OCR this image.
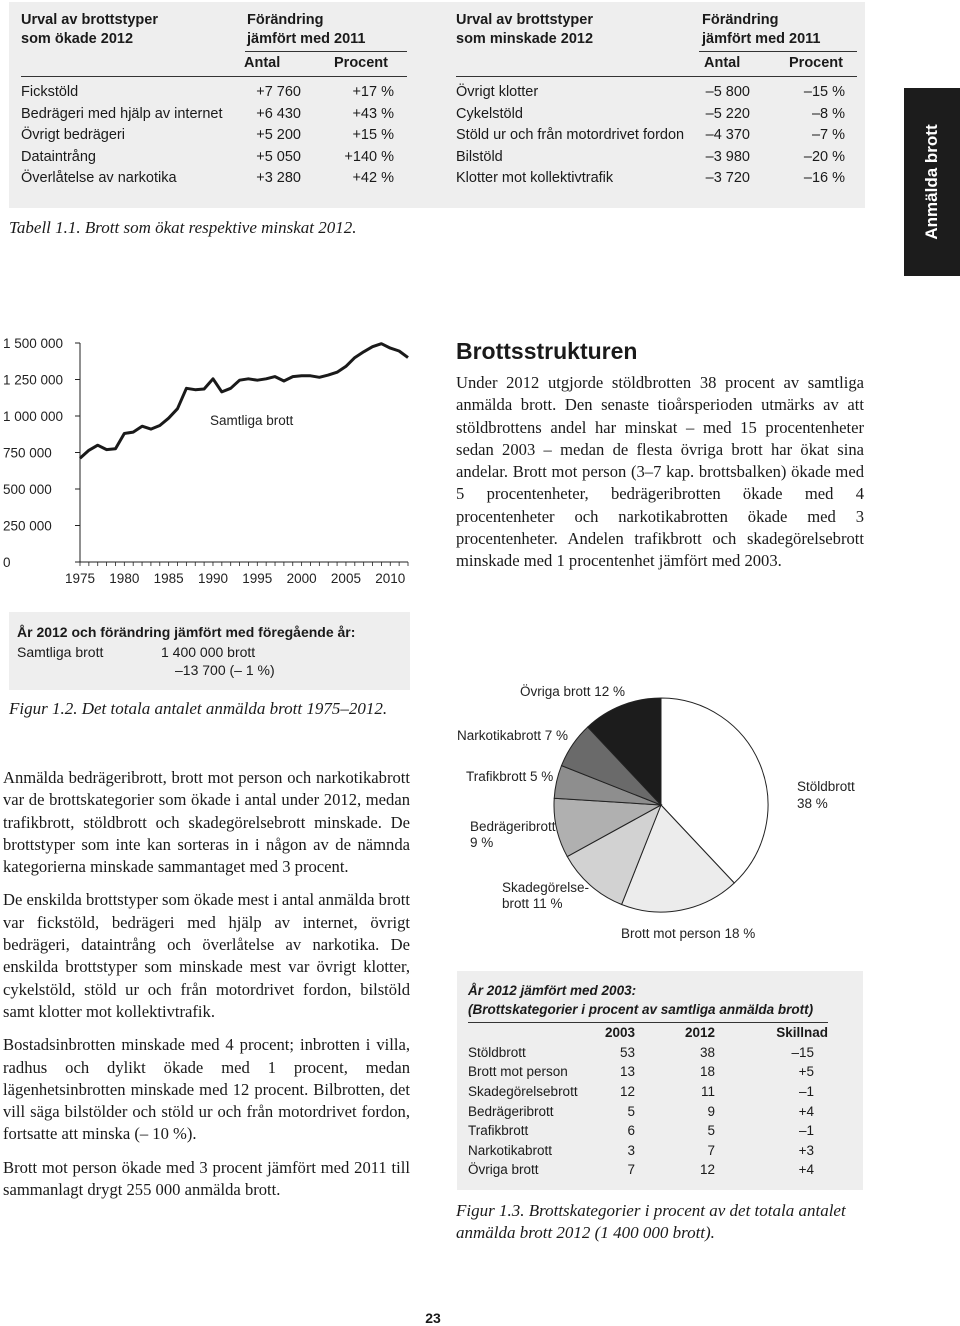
Urval av brottstyper
som ökade 2012
Förändring
jämfört med 2011
Antal	Procent
Urval av brottstyper
som minskade 2012
Förändring
jämfört med 2011
Antal	Procent
Fickstöld	+7 760	+17 %
Bedrägeri med hjälp av internet +6 430	+43 %
Övrigt bedrägeri	+5 200	+15 %
Dataintrång	+5 050	+140 %
Överlåtelse av narkotika	+3 280	+42 %
Övrigt klotter	–5 800	–15 %
Cykelstöld	–5 220	–8 %
Stöld ur och från motordrivet fordon –4 370	–7 %
Bilstöld	–3 980	–20 %
Klotter mot kollektivtrafik	–3 720	–16 %
Tabell 1.1. Brott som ökat respektive minskat 2012.	Anmälda brott
1 500 000
1 250 000
1 000 000
750 000
500 000
250 000
0
1975 1980 1985 1990 1995 2000 2005 2010
Samtliga brott
År 2012 och förändring jämfört med föregående år:
Samtliga brott	1 400 000 brott
–13 700 (– 1 %)
Figur 1.2. Det totala antalet anmälda brott 1975–2012.
Brottsstrukturen
Under 2012 utgjorde stöldbrotten 38 procent av samtliga anmälda brott. Den senaste tioårsperioden utmärks av att stöldbrottens andel har minskat – med 15 procentenheter sedan 2003 – medan de flesta övriga brott har ökat sina andelar. Brott mot person (3–7 kap. brottsbalken) ökade med 5 procentenheter, bedrägeribrotten ökade med 4 procentenheter och narkotikabrotten ökade med 3 procentenheter. Andelen trafikbrott och skadegörelsebrott minskade med 1 procentenhet jämfört med 2003.

Anmälda bedrägeribrott, brott mot person och narkotikabrott var de brottskategorier som ökade i antal under 2012, medan trafikbrott, stöldbrott och skadegörelsebrott minskade. De brottstyper som inte kan sorteras in i någon av de nämnda kategorierna minskade sammantaget med 3 procent.

De enskilda brottstyper som ökade mest i antal anmälda brott var fickstöld, bedrägeri med hjälp av internet, övrigt bedrägeri, dataintrång och överlåtelse av narkotika. De enskilda brottstyper som minskade mest var övrigt klotter, cykelstöld, stöld ur och från motordrivet fordon, bilstöld samt klotter mot kollektivtrafik.

Bostadsinbrotten minskade med 4 procent; inbrotten i villa, radhus och dylikt ökade med 1 procent, medan lägenhetsinbrotten minskade med 12 procent. Bilbrotten, det vill säga bilstölder och stöld ur och från motordrivet fordon, fortsatte att minska (– 10 %).

Brott mot person ökade med 3 procent jämfört med 2011 till sammanlagt drygt 255 000 anmälda brott.

Övriga brott 12 %
Narkotikabrott 7 %
Trafikbrott 5 %
Bedrägeribrott
9 %
Skadegörelse-
brott 11 %
Brott mot person 18 %
Stöldbrott
38 %
År 2012 jämfört med 2003:
(Brottskategorier i procent av samtliga anmälda brott)
	2003	2012	Skillnad
Stöldbrott	53	38	–15
Brott mot person	13	18	+5
Skadegörelsebrott	12	11	–1
Bedrägeribrott	5	9	+4
Trafikbrott	6	5	–1
Narkotikabrott	3	7	+3
Övriga brott	7	12	+4
Figur 1.3. Brottskategorier i procent av det totala antalet anmälda brott 2012 (1 400 000 brott).
23
